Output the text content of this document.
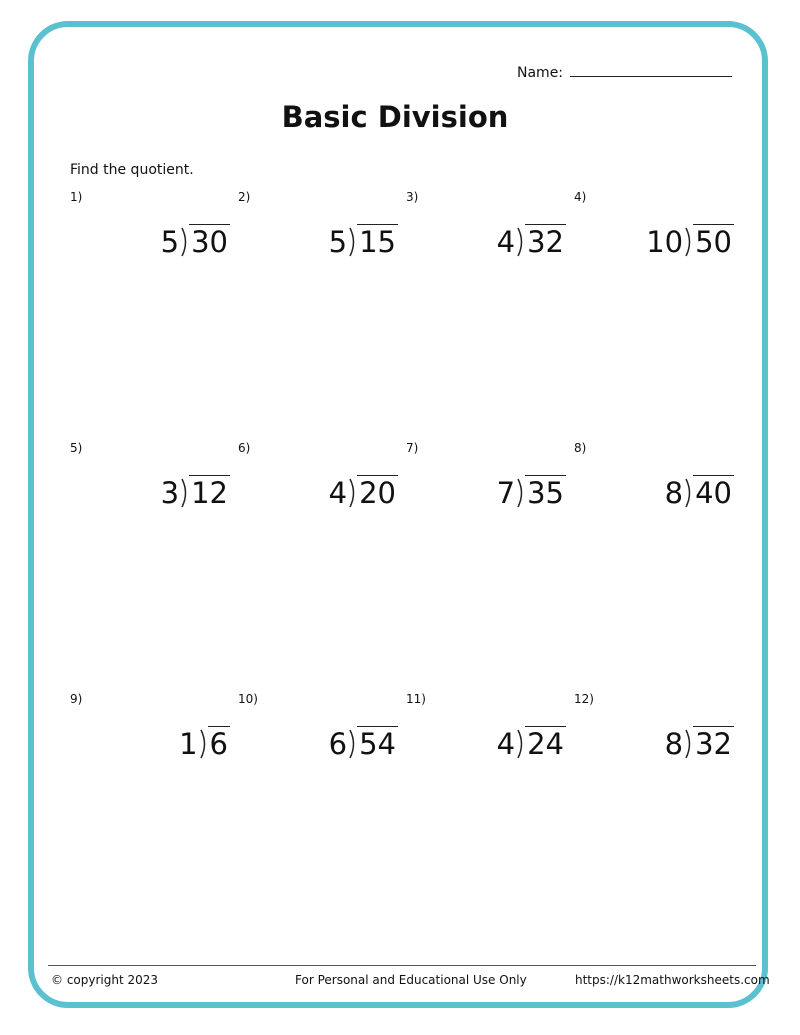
Name:
Basic Division
Find the quotient.
1)
5 30
2)
5 15
3)
4 32
4)
10 50
5)
3 12
6)
4 20
7)
7 35
8)
8 40
9)
1 6
10)
6 54
11)
4 24
12)
8 32
© copyright 2023	For Personal and Educational Use Only	https://k12mathworksheets.com
